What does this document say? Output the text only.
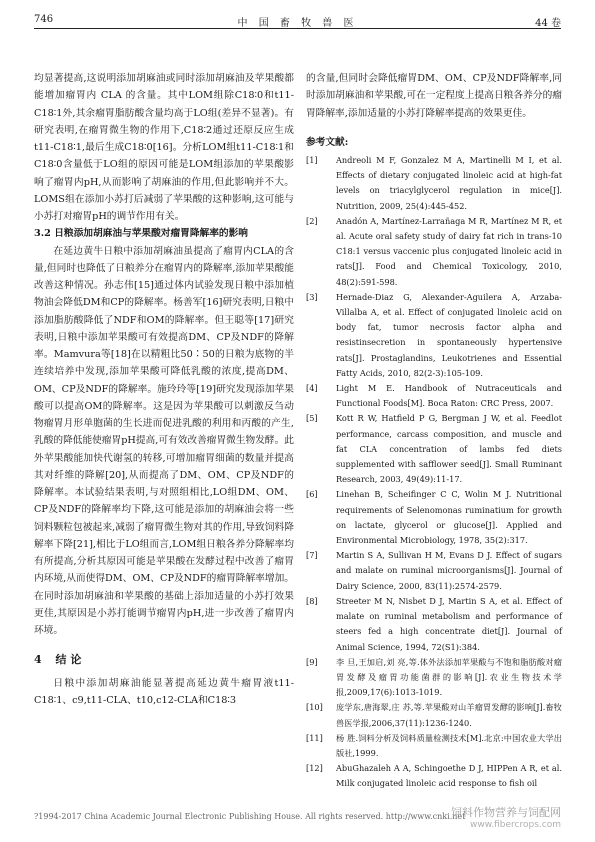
746	中 国 畜 牧 兽 医	44 卷

均显著提高,这说明添加胡麻油或同时添加胡麻油及苹果酸都能增加瘤胃内 CLA 的含量。其中LOM组除C18∶0和t11-C18∶1外,其余瘤胃脂肪酸含量均高于LO组(差异不显著)。有研究表明,在瘤胃微生物的作用下,C18∶2通过还原反应生成t11-C18∶1,最后生成C18∶0[16]。分析LOM组t11-C18∶1和C18∶0含量低于LO组的原因可能是LOM组添加的苹果酸影响了瘤胃内pH,从而影响了胡麻油的作用,但此影响并不大。LOMS组在添加小苏打后减弱了苹果酸的这种影响,这可能与小苏打对瘤胃pH的调节作用有关。

3.2 日粮添加胡麻油与苹果酸对瘤胃降解率的影响

在延边黄牛日粮中添加胡麻油虽提高了瘤胃内CLA的含量,但同时也降低了日粮养分在瘤胃内的降解率,添加苹果酸能改善这种情况。孙志伟[15]通过体内试验发现日粮中添加植物油会降低DM和CP的降解率。杨善军[16]研究表明,日粮中添加脂肪酸降低了NDF和OM的降解率。但王聪等[17]研究表明,日粮中添加苹果酸可有效提高DM、CP及NDF的降解率。Mamvura等[18]在以精粗比50∶50的日粮为底物的半连续培养中发现,添加苹果酸可降低乳酸的浓度,提高DM、OM、CP及NDF的降解率。施玲玲等[19]研究发现添加苹果酸可以提高OM的降解率。这是因为苹果酸可以刺激反刍动物瘤胃月形单胞菌的生长进而促进乳酸的利用和丙酸的产生,乳酸的降低能使瘤胃pH提高,可有效改善瘤胃微生物发酵。此外苹果酸能加快代谢氢的转移,可增加瘤胃细菌的数量并提高其对纤维的降解[20],从而提高了DM、OM、CP及NDF的降解率。本试验结果表明,与对照组相比,LO组DM、OM、CP及NDF的降解率均下降,这可能是添加的胡麻油会将一些饲料颗粒包被起来,减弱了瘤胃微生物对其的作用,导致饲料降解率下降[21],相比于LO组而言,LOM组日粮各养分降解率均有所提高,分析其原因可能是苹果酸在发酵过程中改善了瘤胃内环境,从而使得DM、OM、CP及NDF的瘤胃降解率增加。在同时添加胡麻油和苹果酸的基础上添加适量的小苏打效果更佳,其原因是小苏打能调节瘤胃内pH,进一步改善了瘤胃内环境。

4 结 论

日粮中添加胡麻油能显著提高延边黄牛瘤胃液t11-C18∶1、c9,t11-CLA、t10,c12-CLA和C18∶3

的含量,但同时会降低瘤胃DM、OM、CP及NDF降解率,同时添加胡麻油和苹果酸,可在一定程度上提高日粮各养分的瘤胃降解率,添加适量的小苏打降解率提高的效果更佳。

参考文献:
[1]	Andreoli M F, Gonzalez M A, Martinelli M I, et al. Effects of dietary conjugated linoleic acid at high-fat levels on triacylglycerol regulation in mice[J]. Nutrition, 2009, 25(4):445-452.
[2]	Anadón A, Martínez-Larrañaga M R, Martínez M R, et al. Acute oral safety study of dairy fat rich in trans-10 C18:1 versus vaccenic plus conjugated linoleic acid in rats[J]. Food and Chemical Toxicology, 2010, 48(2):591-598.
[3]	Hernade-Diaz G, Alexander-Aguilera A, Arzaba-Villalba A, et al. Effect of conjugated linoleic acid on body fat, tumor necrosis factor alpha and resistinsecretion in spontaneously hypertensive rats[J]. Prostaglandins, Leukotrienes and Essential Fatty Acids, 2010, 82(2-3):105-109.
[4]	Light M E. Handbook of Nutraceuticals and Functional Foods[M]. Boca Raton: CRC Press, 2007.
[5]	Kott R W, Hatfield P G, Bergman J W, et al. Feedlot performance, carcass composition, and muscle and fat CLA concentration of lambs fed diets supplemented with safflower seed[J]. Small Ruminant Research, 2003, 49(49):11-17.
[6]	Linehan B, Scheifinger C C, Wolin M J. Nutritional requirements of Selenomonas ruminatium for growth on lactate, glycerol or glucose[J]. Applied and Environmental Microbiology, 1978, 35(2):317.
[7]	Martin S A, Sullivan H M, Evans D J. Effect of sugars and malate on ruminal microorganisms[J]. Journal of Dairy Science, 2000, 83(11):2574-2579.
[8]	Streeter M N, Nisbet D J, Martin S A, et al. Effect of malate on ruminal metabolism and performance of steers fed a high concentrate diet[J]. Journal of Animal Science, 1994, 72(S1):384.
[9]	李 旦,王加启,刘 亮,等.体外法添加苹果酸与不饱和脂肪酸对瘤胃发酵及瘤胃功能菌群的影响[J].农业生物技术学报,2009,17(6):1013-1019.
[10]	庞学东,唐海翠,庄 苏,等.苹果酸对山羊瘤胃发酵的影响[J].畜牧兽医学报,2006,37(11):1236-1240.
[11]	杨 胜.饲料分析及饲料质量检测技术[M].北京:中国农业大学出版社,1999.
[12]	AbuGhazaleh A A, Schingoethe D J, HIPPen A R, et al. Milk conjugated linoleic acid response to fish oil
?1994-2017 China Academic Journal Electronic Publishing House. All rights reserved. http://www.cnki.net
饲料作物营养与饲配网
www.fibercrops.com
